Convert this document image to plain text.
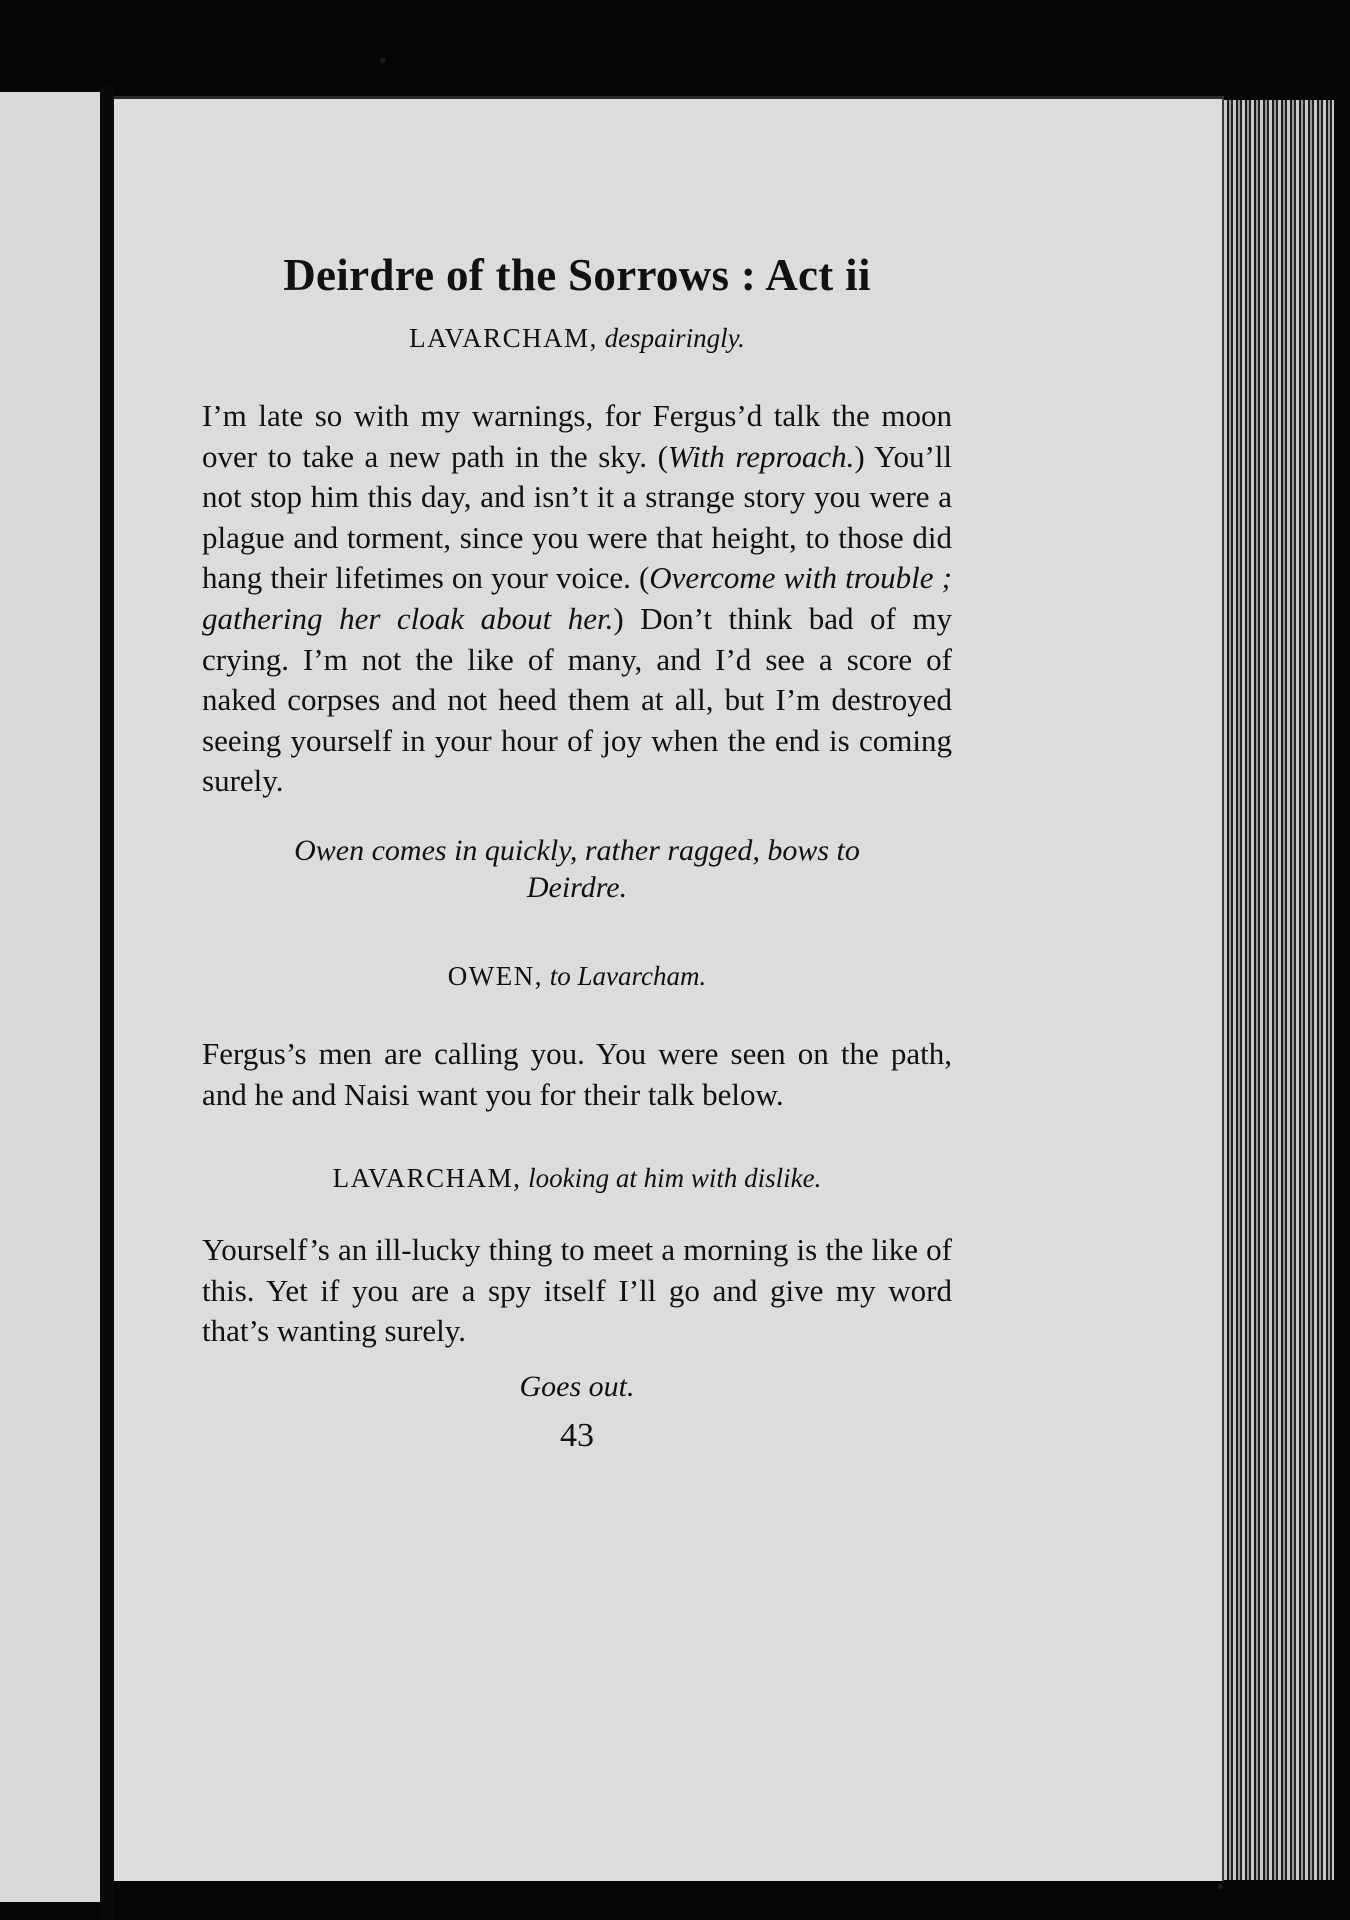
Deirdre of the Sorrows : Act ii

LAVARCHAM, despairingly.

I’m late so with my warnings, for Fergus’d talk the moon over to take a new path in the sky. (With reproach.) You’ll not stop him this day, and isn’t it a strange story you were a plague and torment, since you were that height, to those did hang their lifetimes on your voice. (Overcome with trouble ; gathering her cloak about her.) Don’t think bad of my crying. I’m not the like of many, and I’d see a score of naked corpses and not heed them at all, but I’m destroyed seeing yourself in your hour of joy when the end is coming surely.

Owen comes in quickly, rather ragged, bows to Deirdre.

OWEN, to Lavarcham.

Fergus’s men are calling you. You were seen on the path, and he and Naisi want you for their talk below.

LAVARCHAM, looking at him with dislike.

Yourself’s an ill-lucky thing to meet a morning is the like of this. Yet if you are a spy itself I’ll go and give my word that’s wanting surely.

Goes out.

43
